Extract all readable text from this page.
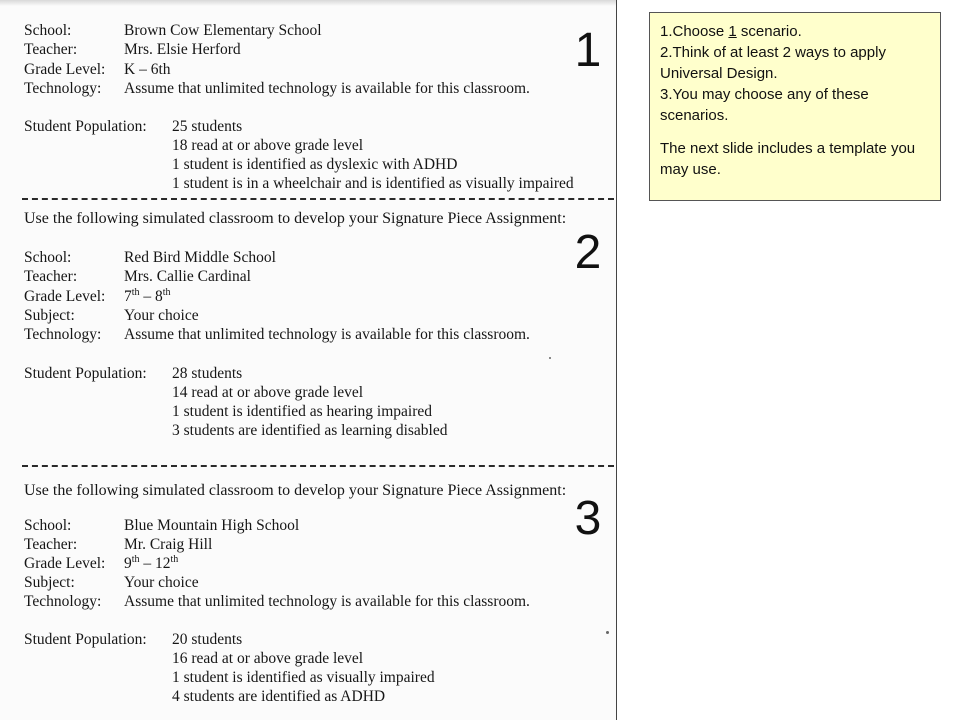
School:	Brown Cow Elementary School
Teacher:	Mrs. Elsie Herford
Grade Level: K – 6th
Technology: Assume that unlimited technology is available for this classroom.
Student Population: 25 students
18 read at or above grade level
1 student is identified as dyslexic with ADHD
1 student is in a wheelchair and is identified as visually impaired
1
Use the following simulated classroom to develop your Signature Piece Assignment:
School:	Red Bird Middle School
Teacher:	Mrs. Callie Cardinal
Grade Level: 7th – 8th
Subject:	Your choice
Technology: Assume that unlimited technology is available for this classroom.
Student Population: 28 students
14 read at or above grade level
1 student is identified as hearing impaired
3 students are identified as learning disabled
2
Use the following simulated classroom to develop your Signature Piece Assignment:
School:	Blue Mountain High School
Teacher:	Mr. Craig Hill
Grade Level: 9th – 12th
Subject:	Your choice
Technology: Assume that unlimited technology is available for this classroom.
Student Population: 20 students
16 read at or above grade level
1 student is identified as visually impaired
4 students are identified as ADHD
3

1.Choose 1 scenario.

2.Think of at least 2 ways to apply Universal Design.

3.You may choose any of these scenarios.

The next slide includes a template you may use.
